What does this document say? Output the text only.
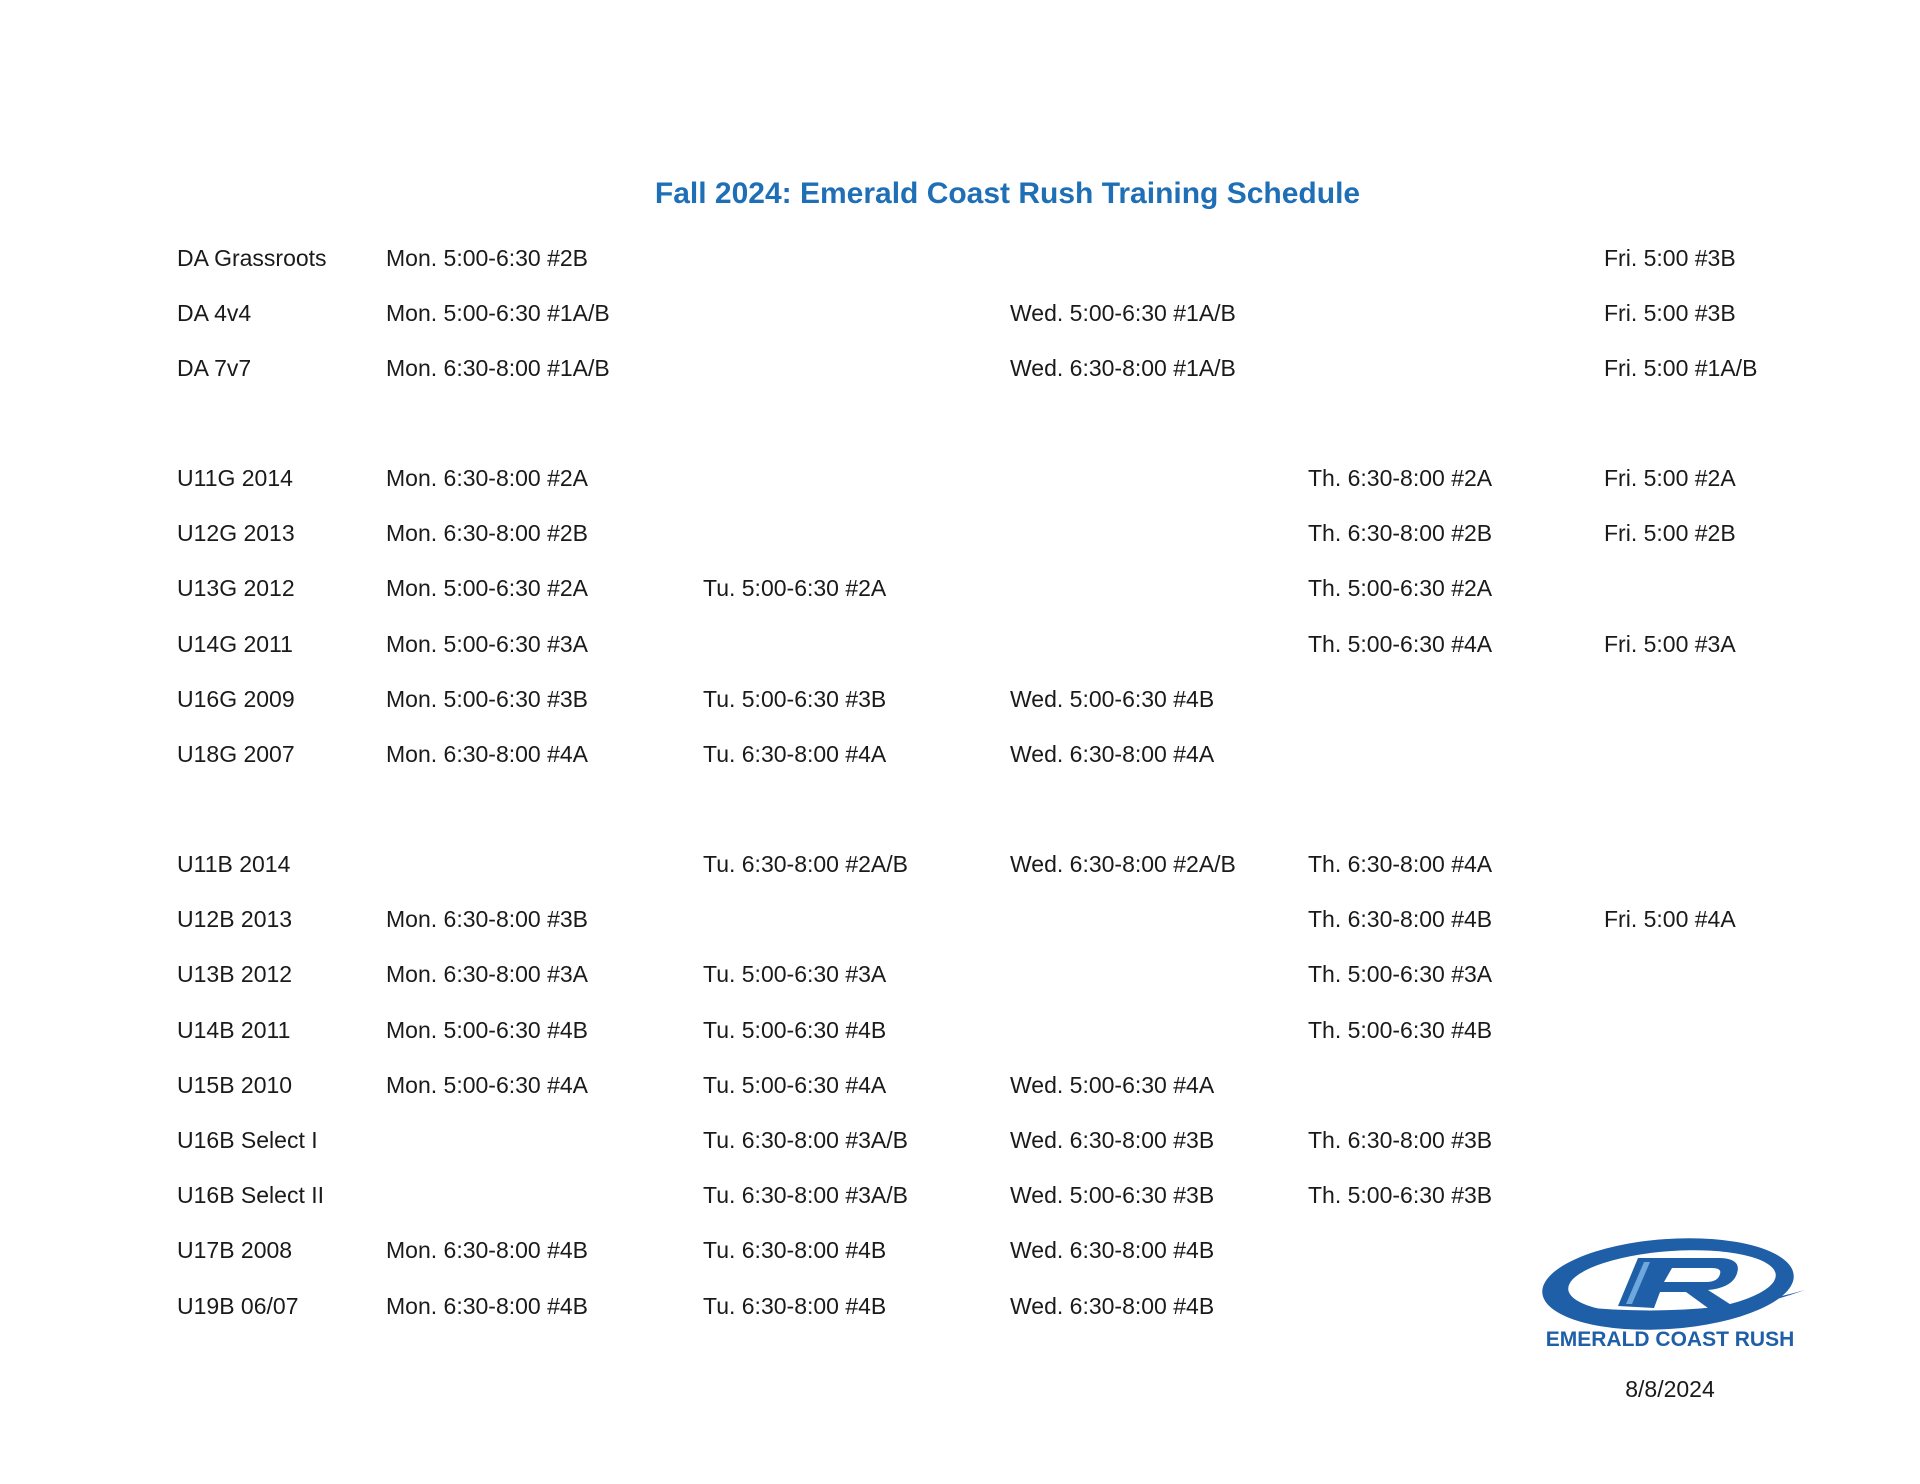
Fall 2024: Emerald Coast Rush Training Schedule
DA Grassroots	Mon. 5:00-6:30 #2B	Fri. 5:00 #3B
DA 4v4	Mon. 5:00-6:30 #1A/B	Wed. 5:00-6:30 #1A/B	Fri. 5:00 #3B
DA 7v7	Mon. 6:30-8:00 #1A/B	Wed. 6:30-8:00 #1A/B	Fri. 5:00 #1A/B
U11G 2014	Mon. 6:30-8:00 #2A	Th. 6:30-8:00 #2A	Fri. 5:00 #2A
U12G 2013	Mon. 6:30-8:00 #2B	Th. 6:30-8:00 #2B	Fri. 5:00 #2B
U13G 2012	Mon. 5:00-6:30 #2A	Tu. 5:00-6:30 #2A	Th. 5:00-6:30 #2A
U14G 2011	Mon. 5:00-6:30 #3A	Th. 5:00-6:30 #4A	Fri. 5:00 #3A
U16G 2009	Mon. 5:00-6:30 #3B	Tu. 5:00-6:30 #3B	Wed. 5:00-6:30 #4B
U18G 2007	Mon. 6:30-8:00 #4A	Tu. 6:30-8:00 #4A	Wed. 6:30-8:00 #4A
U11B 2014	Tu. 6:30-8:00 #2A/B	Wed. 6:30-8:00 #2A/B	Th. 6:30-8:00 #4A
U12B 2013	Mon. 6:30-8:00 #3B	Th. 6:30-8:00 #4B	Fri. 5:00 #4A
U13B 2012	Mon. 6:30-8:00 #3A	Tu. 5:00-6:30 #3A	Th. 5:00-6:30 #3A
U14B 2011	Mon. 5:00-6:30 #4B	Tu. 5:00-6:30 #4B	Th. 5:00-6:30 #4B
U15B 2010	Mon. 5:00-6:30 #4A	Tu. 5:00-6:30 #4A	Wed. 5:00-6:30 #4A
U16B Select I	Tu. 6:30-8:00 #3A/B	Wed. 6:30-8:00 #3B	Th. 6:30-8:00 #3B
U16B Select II	Tu. 6:30-8:00 #3A/B	Wed. 5:00-6:30 #3B	Th. 5:00-6:30 #3B
U17B 2008	Mon. 6:30-8:00 #4B	Tu. 6:30-8:00 #4B	Wed. 6:30-8:00 #4B
U19B 06/07	Mon. 6:30-8:00 #4B	Tu. 6:30-8:00 #4B	Wed. 6:30-8:00 #4B
EMERALD COAST RUSH
8/8/2024
